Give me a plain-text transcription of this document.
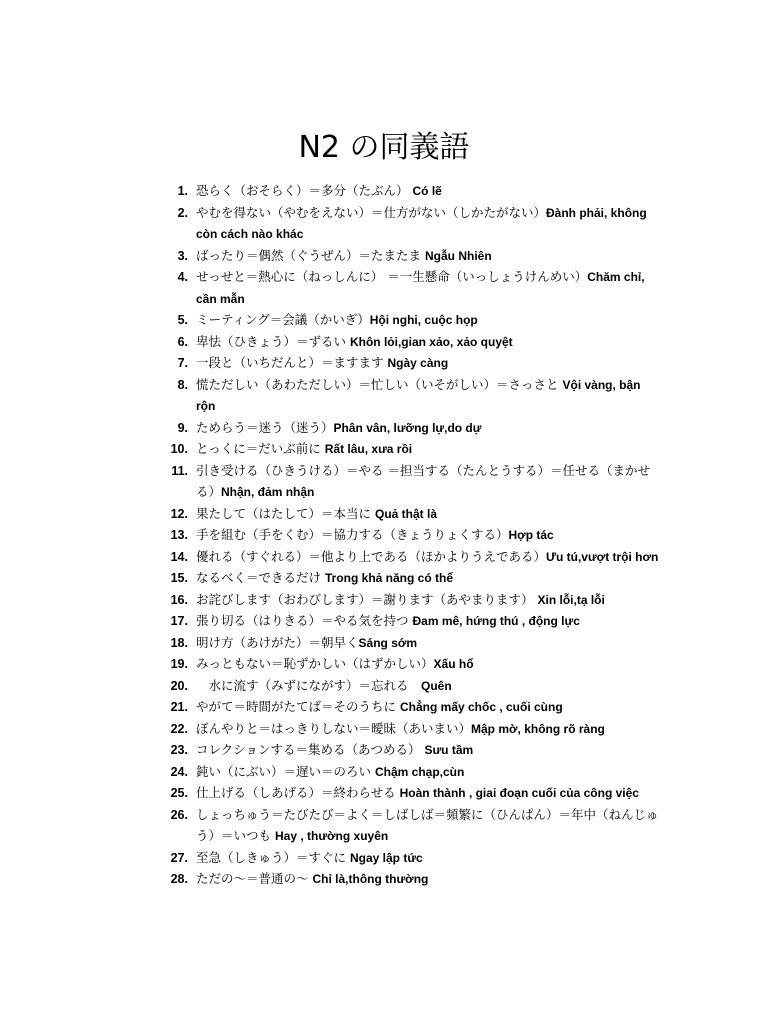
N2 の同義語
1. 恐らく（おそらく）＝多分（たぶん） Có lẽ
2. やむを得ない（やむをえない）＝仕方がない（しかたがない）Đành phải, không còn cách nào khác
3. ばったり＝偶然（ぐうぜん）＝たまたま Ngẫu Nhiên
4. せっせと＝熱心に（ねっしんに） ＝一生懸命（いっしょうけんめい）Chăm chỉ, cần mẫn
5. ミーティング＝会議（かいぎ）Hội nghi, cuộc họp
6. 卑怯（ひきょう）＝ずるい Khôn lỏi,gian xảo, xảo quyệt
7. 一段と（いちだんと）＝ますます Ngày càng
8. 慌ただしい（あわただしい）＝忙しい（いそがしい）＝さっさと Vội vàng, bận rộn
9. ためらう＝迷う（迷う）Phân vân, lưỡng lự,do dự
10. とっくに＝だいぶ前に Rất lâu, xưa rồi
11. 引き受ける（ひきうける）＝やる ＝担当する（たんとうする）＝任せる（まかせる）Nhận, đảm nhận
12. 果たして（はたして）＝本当に Quả thật là
13. 手を組む（手をくむ）＝協力する（きょうりょくする）Hợp tác
14. 優れる（すぐれる）＝他より上である（ほかよりうえである）Ưu tú,vượt trội hơn
15. なるべく＝できるだけ Trong khả năng có thể
16. お詫びします（おわびします）＝謝ります（あやまります） Xin lỗi,tạ lỗi
17. 張り切る（はりきる）＝やる気を持つ Đam mê, hứng thú , động lực
18. 明け方（あけがた）＝朝早くSáng sớm
19. みっともない＝恥ずかしい（はずかしい）Xấu hổ
20. 　水に流す（みずにながす）＝忘れる　Quên
21. やがて＝時間がたてば＝そのうちに Chẳng mấy chốc , cuối cùng
22. ぼんやりと＝はっきりしない＝曖昧（あいまい）Mập mờ, không rõ ràng
23. コレクションする＝集める（あつめる） Sưu tầm
24. 鈍い（にぶい）＝遅い＝のろい Chậm chạp,cùn
25. 仕上げる（しあげる）＝終わらせる Hoàn thành , giai đoạn cuối của công việc
26. しょっちゅう＝たびたび＝よく＝しばしば＝頻繁に（ひんぱん）＝年中（ねんじゅう）＝いつも Hay , thường xuyên
27. 至急（しきゅう）＝すぐに Ngay lập tức
28. ただの〜＝普通の〜 Chỉ là,thông thường
